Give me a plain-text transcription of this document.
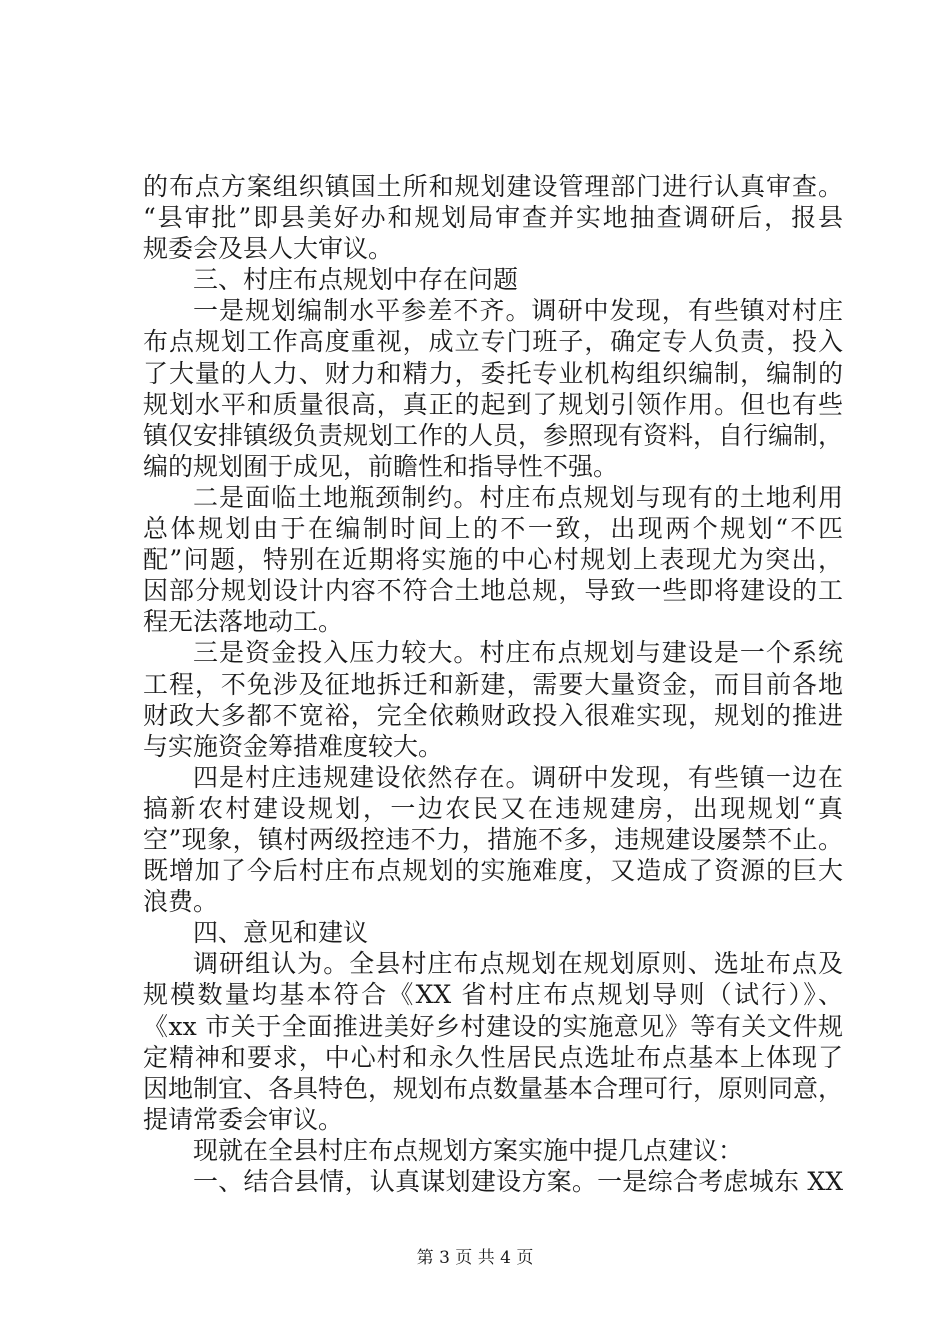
的布点方案组织镇国土所和规划建设管理部门进行认真审查。
“县审批”即县美好办和规划局审查并实地抽查调研后，报县
规委会及县人大审议。
三、村庄布点规划中存在问题
一是规划编制水平参差不齐。调研中发现，有些镇对村庄
布点规划工作高度重视，成立专门班子，确定专人负责，投入
了大量的人力、财力和精力，委托专业机构组织编制，编制的
规划水平和质量很高，真正的起到了规划引领作用。但也有些
镇仅安排镇级负责规划工作的人员，参照现有资料，自行编制，
编的规划囿于成见，前瞻性和指导性不强。
二是面临土地瓶颈制约。村庄布点规划与现有的土地利用
总体规划由于在编制时间上的不一致，出现两个规划“不匹
配”问题，特别在近期将实施的中心村规划上表现尤为突出，
因部分规划设计内容不符合土地总规，导致一些即将建设的工
程无法落地动工。
三是资金投入压力较大。村庄布点规划与建设是一个系统
工程，不免涉及征地拆迁和新建，需要大量资金，而目前各地
财政大多都不宽裕，完全依赖财政投入很难实现，规划的推进
与实施资金筹措难度较大。
四是村庄违规建设依然存在。调研中发现，有些镇一边在
搞新农村建设规划，一边农民又在违规建房，出现规划“真
空”现象，镇村两级控违不力，措施不多，违规建设屡禁不止。
既增加了今后村庄布点规划的实施难度，又造成了资源的巨大
浪费。
四、意见和建议
调研组认为。全县村庄布点规划在规划原则、选址布点及
规模数量均基本符合《XX 省村庄布点规划导则（试行）》、
《xx 市关于全面推进美好乡村建设的实施意见》等有关文件规
定精神和要求，中心村和永久性居民点选址布点基本上体现了
因地制宜、各具特色，规划布点数量基本合理可行，原则同意，
提请常委会审议。
现就在全县村庄布点规划方案实施中提几点建议：
一、结合县情，认真谋划建设方案。一是综合考虑城东 XX
第 3 页 共 4 页
